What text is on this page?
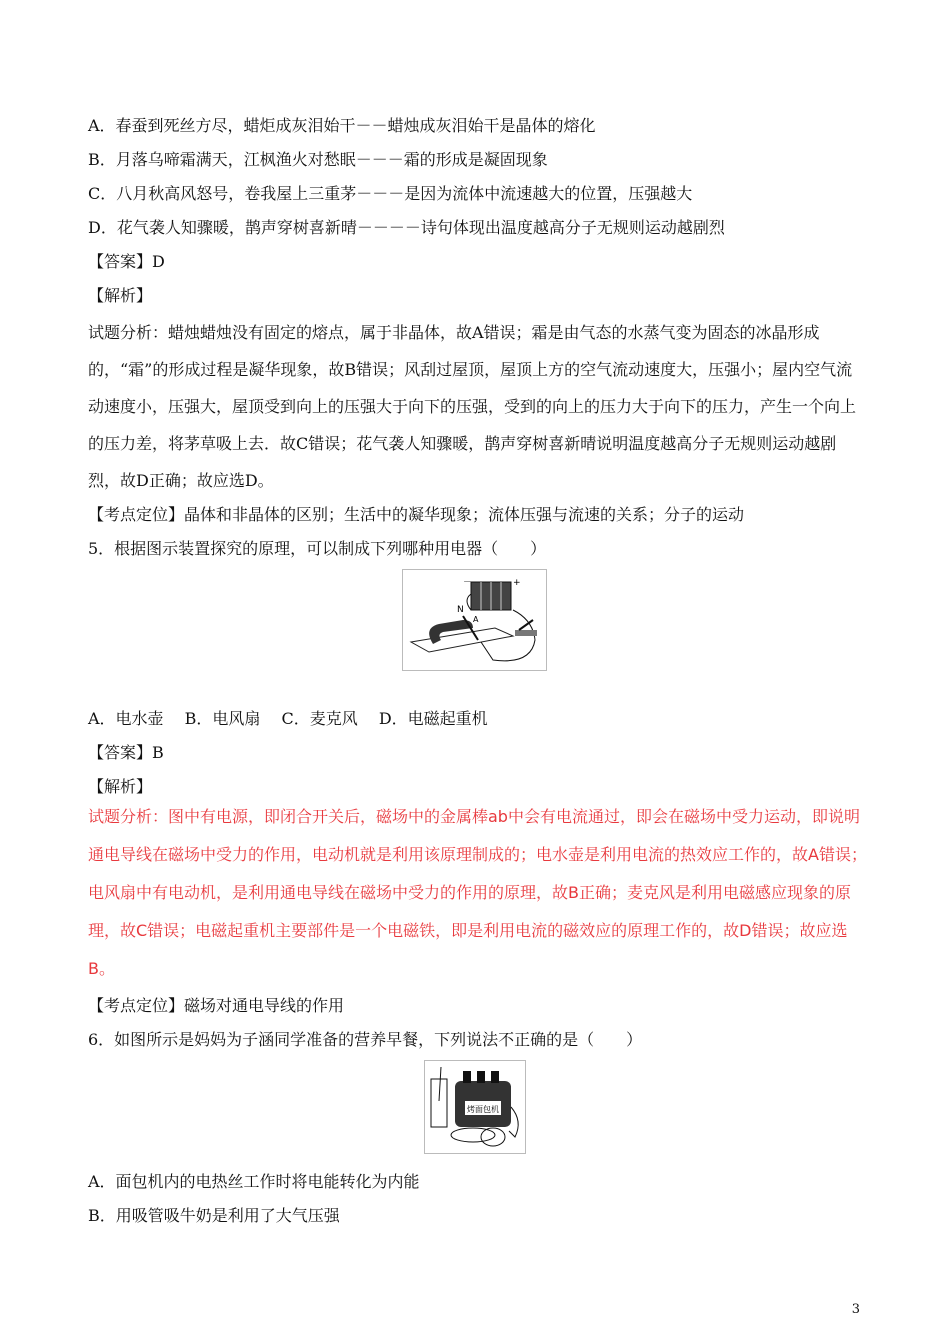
A．春蚕到死丝方尽，蜡炬成灰泪始干－－蜡烛成灰泪始干是晶体的熔化
B．月落乌啼霜满天，江枫渔火对愁眠－－－霜的形成是凝固现象
C．八月秋高风怒号，卷我屋上三重茅－－－是因为流体中流速越大的位置，压强越大
D．花气袭人知骤暖，鹊声穿树喜新晴－－－－诗句体现出温度越高分子无规则运动越剧烈
【答案】D
【解析】
试题分析：蜡烛蜡烛没有固定的熔点，属于非晶体，故A错误；霜是由气态的水蒸气变为固态的冰晶形成的，“霜”的形成过程是凝华现象，故B错误；风刮过屋顶，屋顶上方的空气流动速度大，压强小；屋内空气流动速度小，压强大，屋顶受到向上的压强大于向下的压强，受到的向上的压力大于向下的压力，产生一个向上的压力差，将茅草吸上去．故C错误；花气袭人知骤暖，鹊声穿树喜新晴说明温度越高分子无规则运动越剧烈，故D正确；故应选D。
【考点定位】晶体和非晶体的区别；生活中的凝华现象；流体压强与流速的关系；分子的运动
5．根据图示装置探究的原理，可以制成下列哪种用电器（　　）
－	+
N
A
A．电水壶　 B．电风扇　 C．麦克风　 D．电磁起重机
【答案】B
【解析】
试题分析：图中有电源，即闭合开关后，磁场中的金属棒ab中会有电流通过，即会在磁场中受力运动，即说明通电导线在磁场中受力的作用，电动机就是利用该原理制成的；电水壶是利用电流的热效应工作的，故A错误；电风扇中有电动机，是利用通电导线在磁场中受力的作用的原理，故B正确；麦克风是利用电磁感应现象的原理，故C错误；电磁起重机主要部件是一个电磁铁，即是利用电流的磁效应的原理工作的，故D错误；故应选B。
【考点定位】磁场对通电导线的作用
6．如图所示是妈妈为子涵同学准备的营养早餐，下列说法不正确的是（　　）
烤面包机
A．面包机内的电热丝工作时将电能转化为内能
B．用吸管吸牛奶是利用了大气压强
3
